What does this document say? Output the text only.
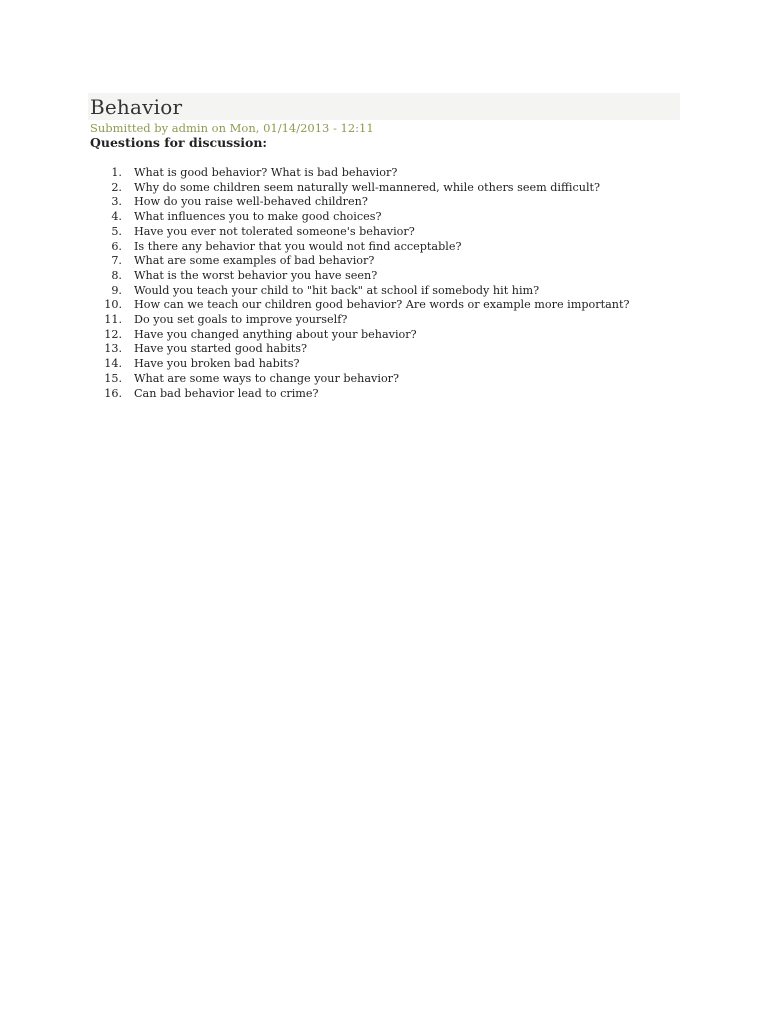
Behavior
Submitted by admin on Mon, 01/14/2013 - 12:11
Questions for discussion:
1.	What is good behavior? What is bad behavior?
2.	Why do some children seem naturally well-mannered, while others seem difficult?
3.	How do you raise well-behaved children?
4.	What influences you to make good choices?
5.	Have you ever not tolerated someone's behavior?
6.	Is there any behavior that you would not find acceptable?
7.	What are some examples of bad behavior?
8.	What is the worst behavior you have seen?
9.	Would you teach your child to "hit back" at school if somebody hit him?
10.	How can we teach our children good behavior? Are words or example more important?
11.	Do you set goals to improve yourself?
12.	Have you changed anything about your behavior?
13.	Have you started good habits?
14.	Have you broken bad habits?
15.	What are some ways to change your behavior?
16.	Can bad behavior lead to crime?
